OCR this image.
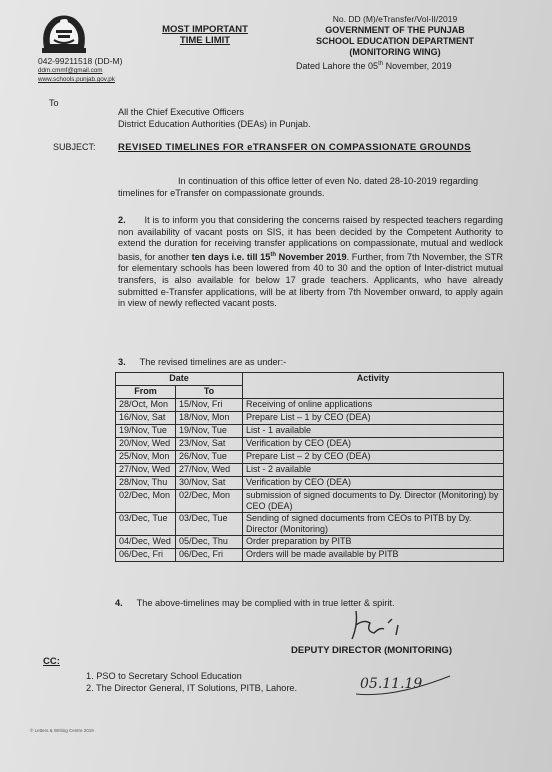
042-99211518 (DD-M)
ddm.cmmf@gmail.com
www.schools.punjab.gov.pk
MOST IMPORTANT
TIME LIMIT
No. DD (M)/eTransfer/Vol-II/2019
GOVERNMENT OF THE PUNJAB
SCHOOL EDUCATION DEPARTMENT
(MONITORING WING)
Dated Lahore the 05th November, 2019
To
All the Chief Executive Officers
District Education Authorities (DEAs) in Punjab.
SUBJECT: REVISED TIMELINES FOR eTRANSFER ON COMPASSIONATE GROUNDS
In continuation of this office letter of even No. dated 28-10-2019 regarding timelines for eTransfer on compassionate grounds.
2. It is to inform you that considering the concerns raised by respected teachers regarding non availability of vacant posts on SIS, it has been decided by the Competent Authority to extend the duration for receiving transfer applications on compassionate, mutual and wedlock basis, for another ten days i.e. till 15th November 2019. Further, from 7th November, the STR for elementary schools has been lowered from 40 to 30 and the option of Inter-district mutual transfers, is also available for below 17 grade teachers. Applicants, who have already submitted e-Transfer applications, will be at liberty from 7th November onward, to apply again in view of newly reflected vacant posts.
3. The revised timelines are as under:-
Date		Activity
From	To	
28/Oct, Mon	15/Nov, Fri	Receiving of online applications
16/Nov, Sat	18/Nov, Mon	Prepare List – 1 by CEO (DEA)
19/Nov, Tue	19/Nov, Tue	List - 1 available
20/Nov, Wed	23/Nov, Sat	Verification by CEO (DEA)
25/Nov, Mon	26/Nov, Tue	Prepare List – 2 by CEO (DEA)
27/Nov, Wed	27/Nov, Wed	List - 2 available
28/Nov, Thu	30/Nov, Sat	Verification by CEO (DEA)
02/Dec, Mon	02/Dec, Mon	submission of signed documents to Dy. Director (Monitoring) by CEO (DEA)
03/Dec, Tue	03/Dec, Tue	Sending of signed documents from CEOs to PITB by Dy. Director (Monitoring)
04/Dec, Wed	05/Dec, Thu	Order preparation by PITB
06/Dec, Fri	06/Dec, Fri	Orders will be made available by PITB
4. The above-timelines may be complied with in true letter & spirit.
DEPUTY DIRECTOR (MONITORING)
05.11.19
CC:
1. PSO to Secretary School Education
2. The Director General, IT Solutions, PITB, Lahore.
© Letters & Writing Centre 2019
